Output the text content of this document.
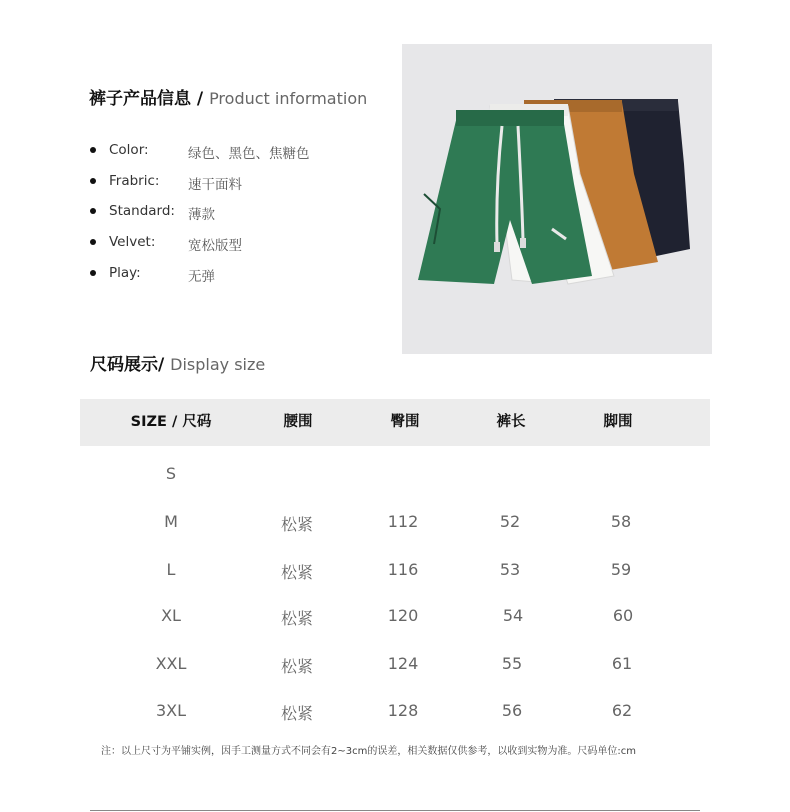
裤子产品信息 / Product information
Color:	绿色、黑色、焦糖色
Frabric: 速干面料
Standard: 薄款
Velvet: 宽松版型
Play:	无弹
尺码展示/ Display size
SIZE / 尺码	腰围	臀围	裤长	脚围
S
M	松紧	112	52	58
L	松紧	116	53	59
XL	松紧	120	54	60
XXL	松紧	124	55	61
3XL	松紧	128	56	62
注：以上尺寸为平铺实例，因手工测量方式不同会有2~3cm的误差，相关数据仅供参考，以收到实物为准。尺码单位:cm
